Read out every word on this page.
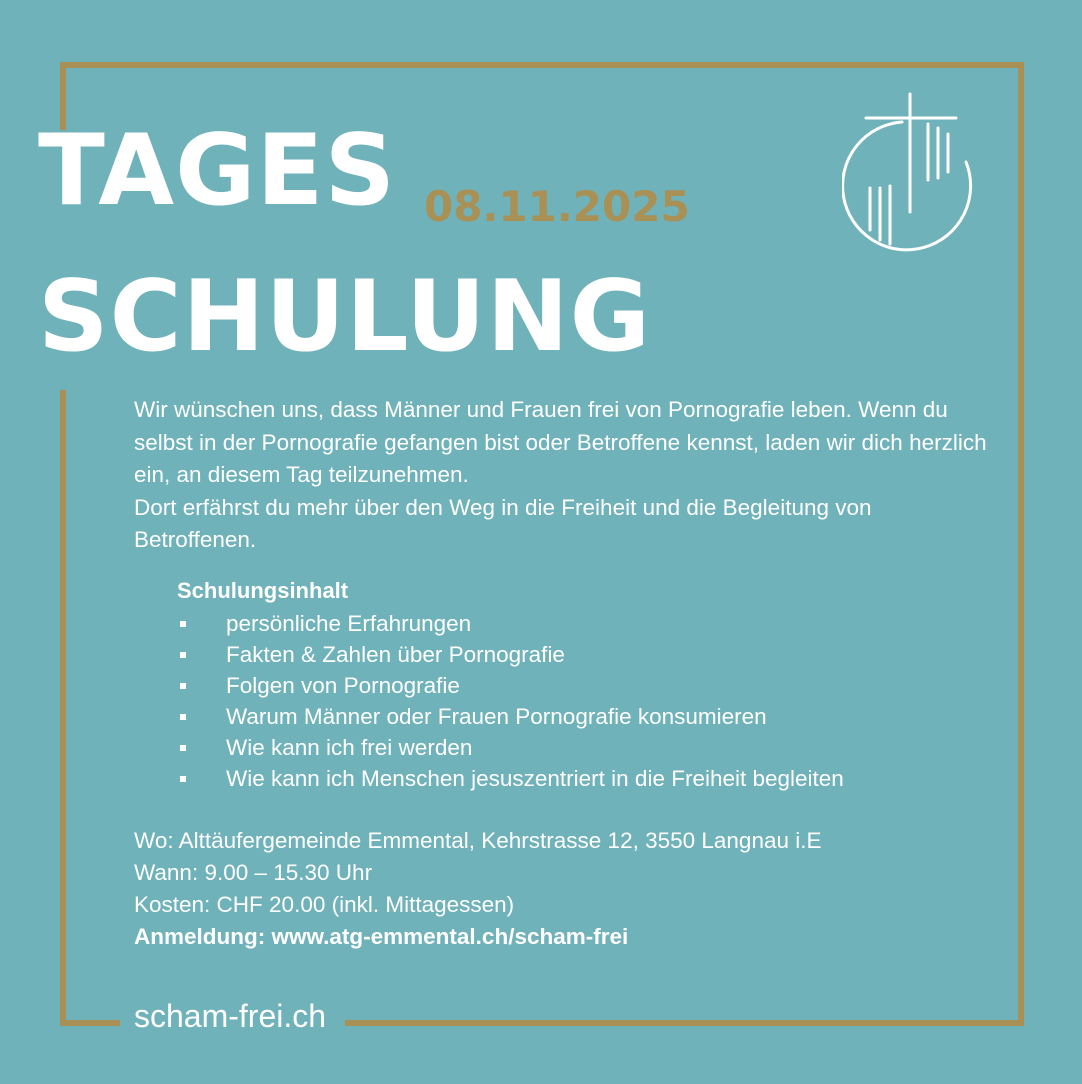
TAGES
SCHULUNG
08.11.2025

Wir wünschen uns, dass Männer und Frauen frei von Pornografie leben. Wenn du selbst in der Pornografie gefangen bist oder Betroffene kennst, laden wir dich herzlich ein, an diesem Tag teilzunehmen.

Dort erfährst du mehr über den Weg in die Freiheit und die Begleitung von Betroffenen.

Schulungsinhalt
persönliche Erfahrungen
Fakten & Zahlen über Pornografie
Folgen von Pornografie
Warum Männer oder Frauen Pornografie konsumieren
Wie kann ich frei werden
Wie kann ich Menschen jesuszentriert in die Freiheit begleiten
Wo: Alttäufergemeinde Emmental, Kehrstrasse 12, 3550 Langnau i.E
Wann: 9.00 – 15.30 Uhr
Kosten: CHF 20.00 (inkl. Mittagessen)
Anmeldung: www.atg-emmental.ch/scham-frei
scham-frei.ch
